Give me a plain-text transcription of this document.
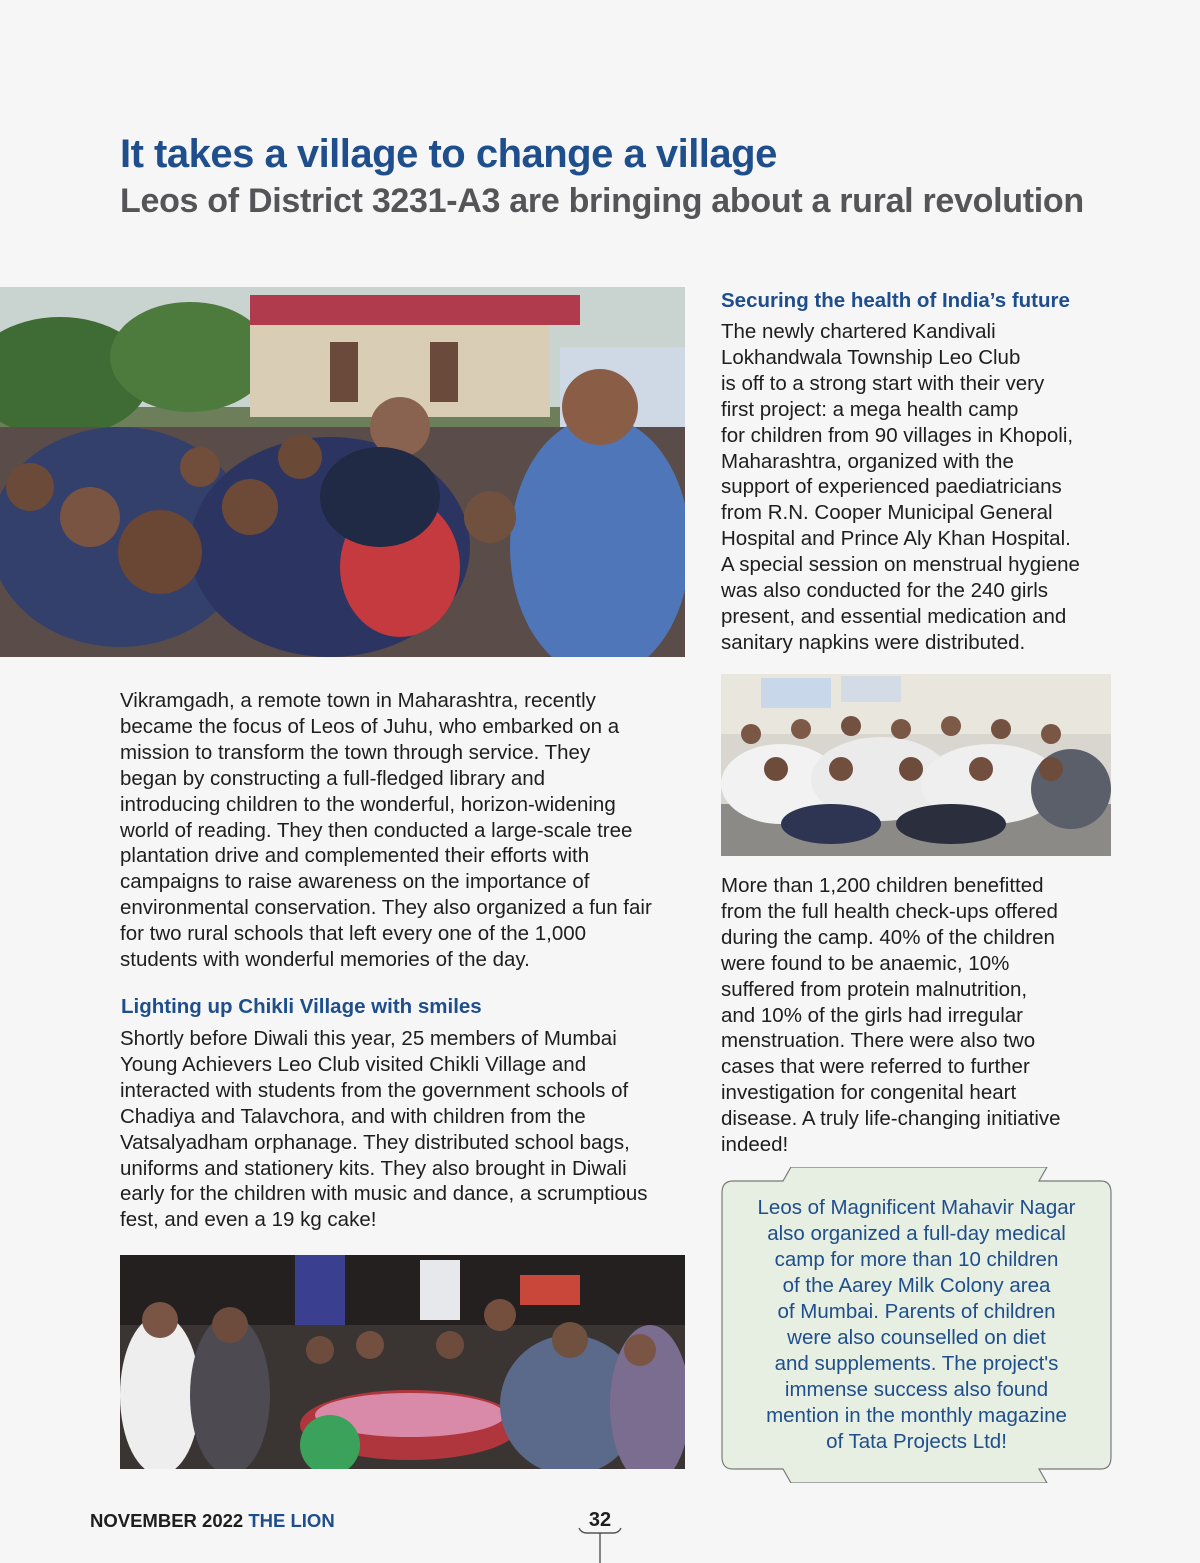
It takes a village to change a village
Leos of District 3231-A3 are bringing about a rural revolution

Vikramgadh, a remote town in Maharashtra, recently

became the focus of Leos of Juhu, who embarked on a

mission to transform the town through service. They

began by constructing a full-fledged library and

introducing children to the wonderful, horizon-widening

world of reading. They then conducted a large-scale tree

plantation drive and complemented their efforts with

campaigns to raise awareness on the importance of

environmental conservation. They also organized a fun fair

for two rural schools that left every one of the 1,000

students with wonderful memories of the day.

Lighting up Chikli Village with smiles

Shortly before Diwali this year, 25 members of Mumbai

Young Achievers Leo Club visited Chikli Village and

interacted with students from the government schools of

Chadiya and Talavchora, and with children from the

Vatsalyadham orphanage. They distributed school bags,

uniforms and stationery kits. They also brought in Diwali

early for the children with music and dance, a scrumptious

fest, and even a 19 kg cake!

Securing the health of India’s future

The newly chartered Kandivali

Lokhandwala Township Leo Club

is off to a strong start with their very

first project: a mega health camp

for children from 90 villages in Khopoli,

Maharashtra, organized with the

support of experienced paediatricians

from R.N. Cooper Municipal General

Hospital and Prince Aly Khan Hospital.

A special session on menstrual hygiene

was also conducted for the 240 girls

present, and essential medication and

sanitary napkins were distributed.

More than 1,200 children benefitted

from the full health check-ups offered

during the camp. 40% of the children

were found to be anaemic, 10%

suffered from protein malnutrition,

and 10% of the girls had irregular

menstruation. There were also two

cases that were referred to further

investigation for congenital heart

disease. A truly life-changing initiative

indeed!

Leos of Magnificent Mahavir Nagar

also organized a full-day medical

camp for more than 10 children

of the Aarey Milk Colony area

of Mumbai. Parents of children

were also counselled on diet

and supplements. The project's

immense success also found

mention in the monthly magazine

of Tata Projects Ltd!

NOVEMBER 2022 THE LION	32
